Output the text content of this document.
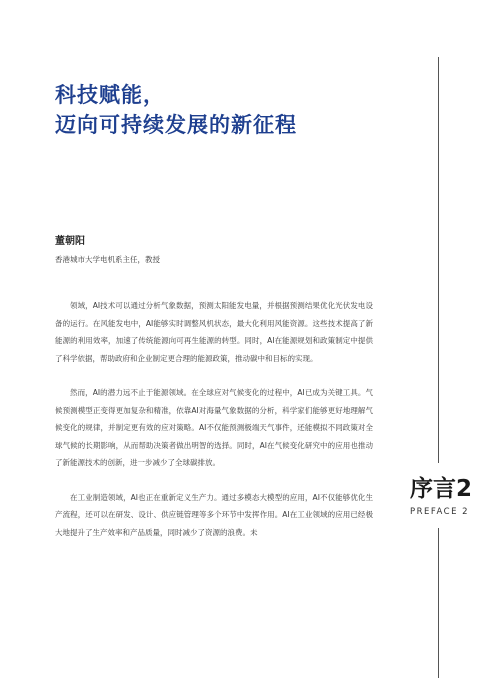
科技赋能，
迈向可持续发展的新征程
董朝阳
香港城市大学电机系主任，教授

领域，AI技术可以通过分析气象数据，预测太阳能发电量，并根据预测结果优化光伏发电设备的运行。在风能发电中，AI能够实时调整风机状态，最大化利用风能资源。这些技术提高了新能源的利用效率，加速了传统能源向可再生能源的转型。同时，AI在能源规划和政策制定中提供了科学依据，帮助政府和企业制定更合理的能源政策，推动碳中和目标的实现。

然而，AI的潜力远不止于能源领域。在全球应对气候变化的过程中，AI已成为关键工具。气候预测模型正变得更加复杂和精准，依靠AI对海量气象数据的分析，科学家们能够更好地理解气候变化的规律，并制定更有效的应对策略。AI不仅能预测极端天气事件，还能模拟不同政策对全球气候的长期影响，从而帮助决策者做出明智的选择。同时，AI在气候变化研究中的应用也推动了新能源技术的创新，进一步减少了全球碳排放。

在工业制造领域，AI也正在重新定义生产力。通过多模态大模型的应用，AI不仅能够优化生产流程，还可以在研发、设计、供应链管理等多个环节中发挥作用。AI在工业领域的应用已经极大地提升了生产效率和产品质量，同时减少了资源的浪费。未

序言2
PREFACE 2
